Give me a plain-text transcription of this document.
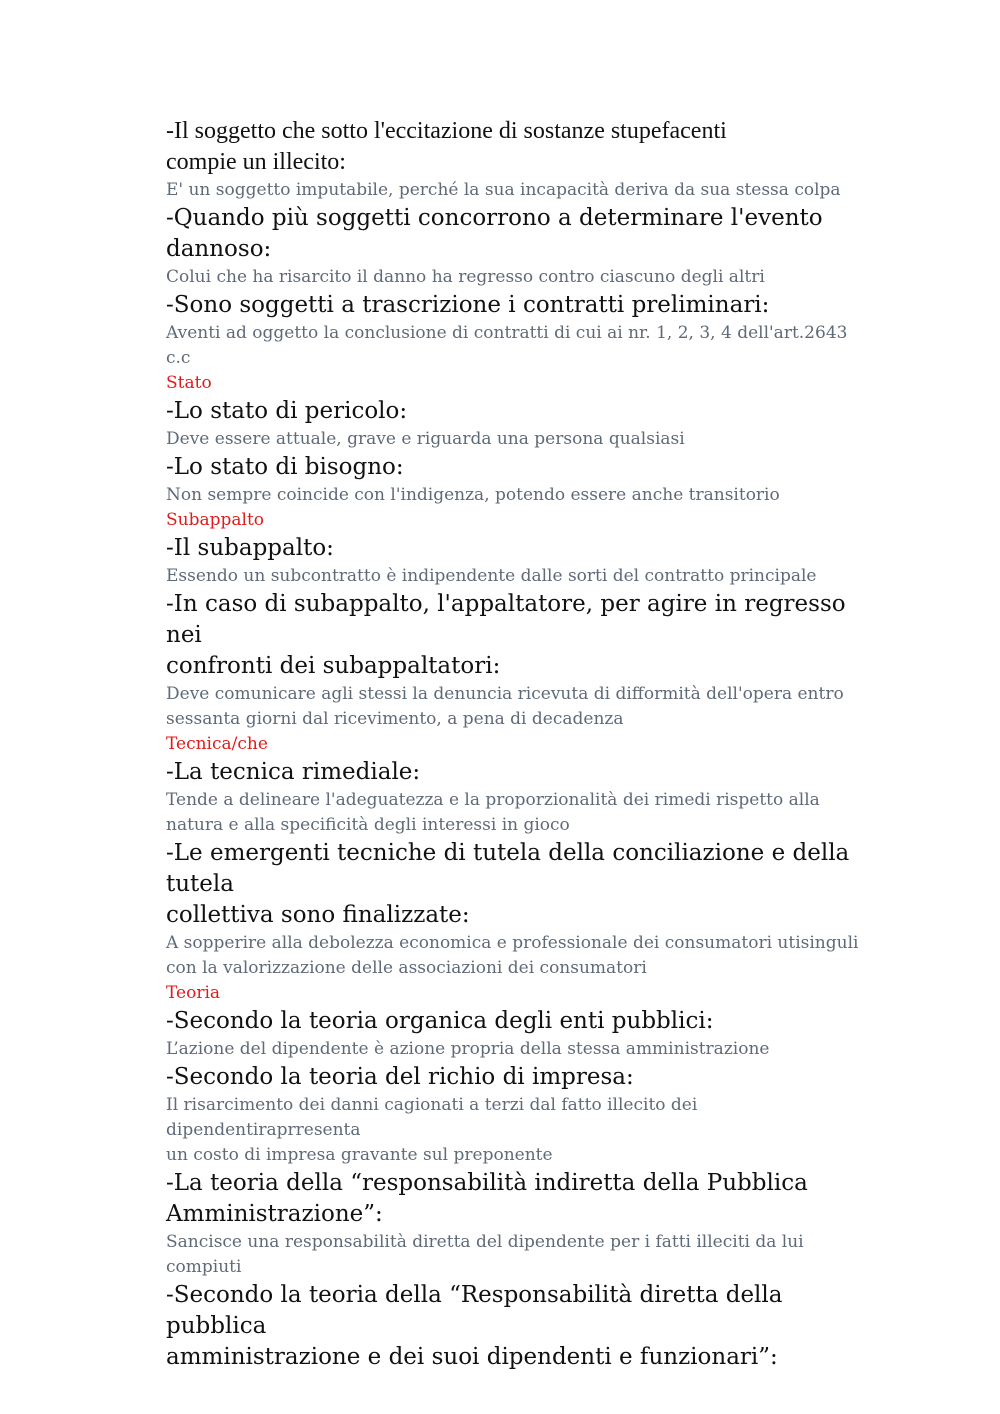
-Il soggetto che sotto l'eccitazione di sostanze stupefacenti

compie un illecito:

E' un soggetto imputabile, perché la sua incapacità deriva da sua stessa colpa

-Quando più soggetti concorrono a determinare l'evento

dannoso:

Colui che ha risarcito il danno ha regresso contro ciascuno degli altri

-Sono soggetti a trascrizione i contratti preliminari:

Aventi ad oggetto la conclusione di contratti di cui ai nr. 1, 2, 3, 4 dell'art.2643

c.c

Stato

-Lo stato di pericolo:

Deve essere attuale, grave e riguarda una persona qualsiasi

-Lo stato di bisogno:

Non sempre coincide con l'indigenza, potendo essere anche transitorio

Subappalto

-Il subappalto:

Essendo un subcontratto è indipendente dalle sorti del contratto principale

-In caso di subappalto, l'appaltatore, per agire in regresso nei

confronti dei subappaltatori:

Deve comunicare agli stessi la denuncia ricevuta di difformità dell'opera entro

sessanta giorni dal ricevimento, a pena di decadenza

Tecnica/che

-La tecnica rimediale:

Tende a delineare l'adeguatezza e la proporzionalità dei rimedi rispetto alla

natura e alla specificità degli interessi in gioco

-Le emergenti tecniche di tutela della conciliazione e della tutela

collettiva sono finalizzate:

A sopperire alla debolezza economica e professionale dei consumatori utisinguli

con la valorizzazione delle associazioni dei consumatori

Teoria

-Secondo la teoria organica degli enti pubblici:

L’azione del dipendente è azione propria della stessa amministrazione

-Secondo la teoria del richio di impresa:

Il risarcimento dei danni cagionati a terzi dal fatto illecito dei dipendentiraprresenta

un costo di impresa gravante sul preponente

-La teoria della “responsabilità indiretta della Pubblica

Amministrazione”:

Sancisce una responsabilità diretta del dipendente per i fatti illeciti da lui

compiuti

-Secondo la teoria della “Responsabilità diretta della pubblica

amministrazione e dei suoi dipendenti e funzionari”:
